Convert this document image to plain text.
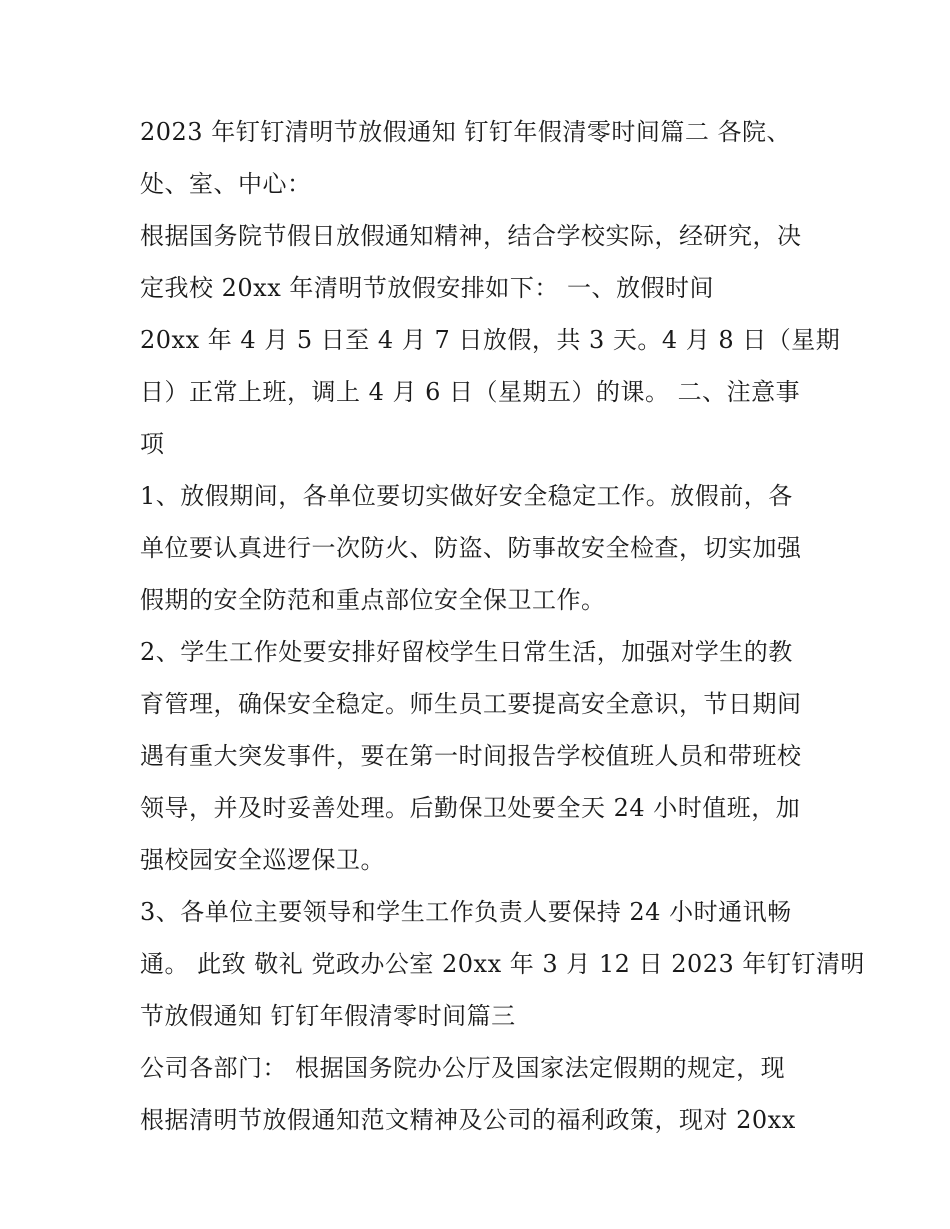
2023 年钉钉清明节放假通知 钉钉年假清零时间篇二 各院、
处、室、中心：
根据国务院节假日放假通知精神，结合学校实际，经研究，决
定我校 20xx 年清明节放假安排如下： 一、放假时间
20xx 年 4 月 5 日至 4 月 7 日放假，共 3 天。4 月 8 日（星期
日）正常上班，调上 4 月 6 日（星期五）的课。 二、注意事
项
1、放假期间，各单位要切实做好安全稳定工作。放假前，各
单位要认真进行一次防火、防盗、防事故安全检查，切实加强
假期的安全防范和重点部位安全保卫工作。
2、学生工作处要安排好留校学生日常生活，加强对学生的教
育管理，确保安全稳定。师生员工要提高安全意识，节日期间
遇有重大突发事件，要在第一时间报告学校值班人员和带班校
领导，并及时妥善处理。后勤保卫处要全天 24 小时值班，加
强校园安全巡逻保卫。
3、各单位主要领导和学生工作负责人要保持 24 小时通讯畅
通。 此致 敬礼 党政办公室 20xx 年 3 月 12 日 2023 年钉钉清明
节放假通知 钉钉年假清零时间篇三
公司各部门： 根据国务院办公厅及国家法定假期的规定，现
根据清明节放假通知范文精神及公司的福利政策，现对 20xx
